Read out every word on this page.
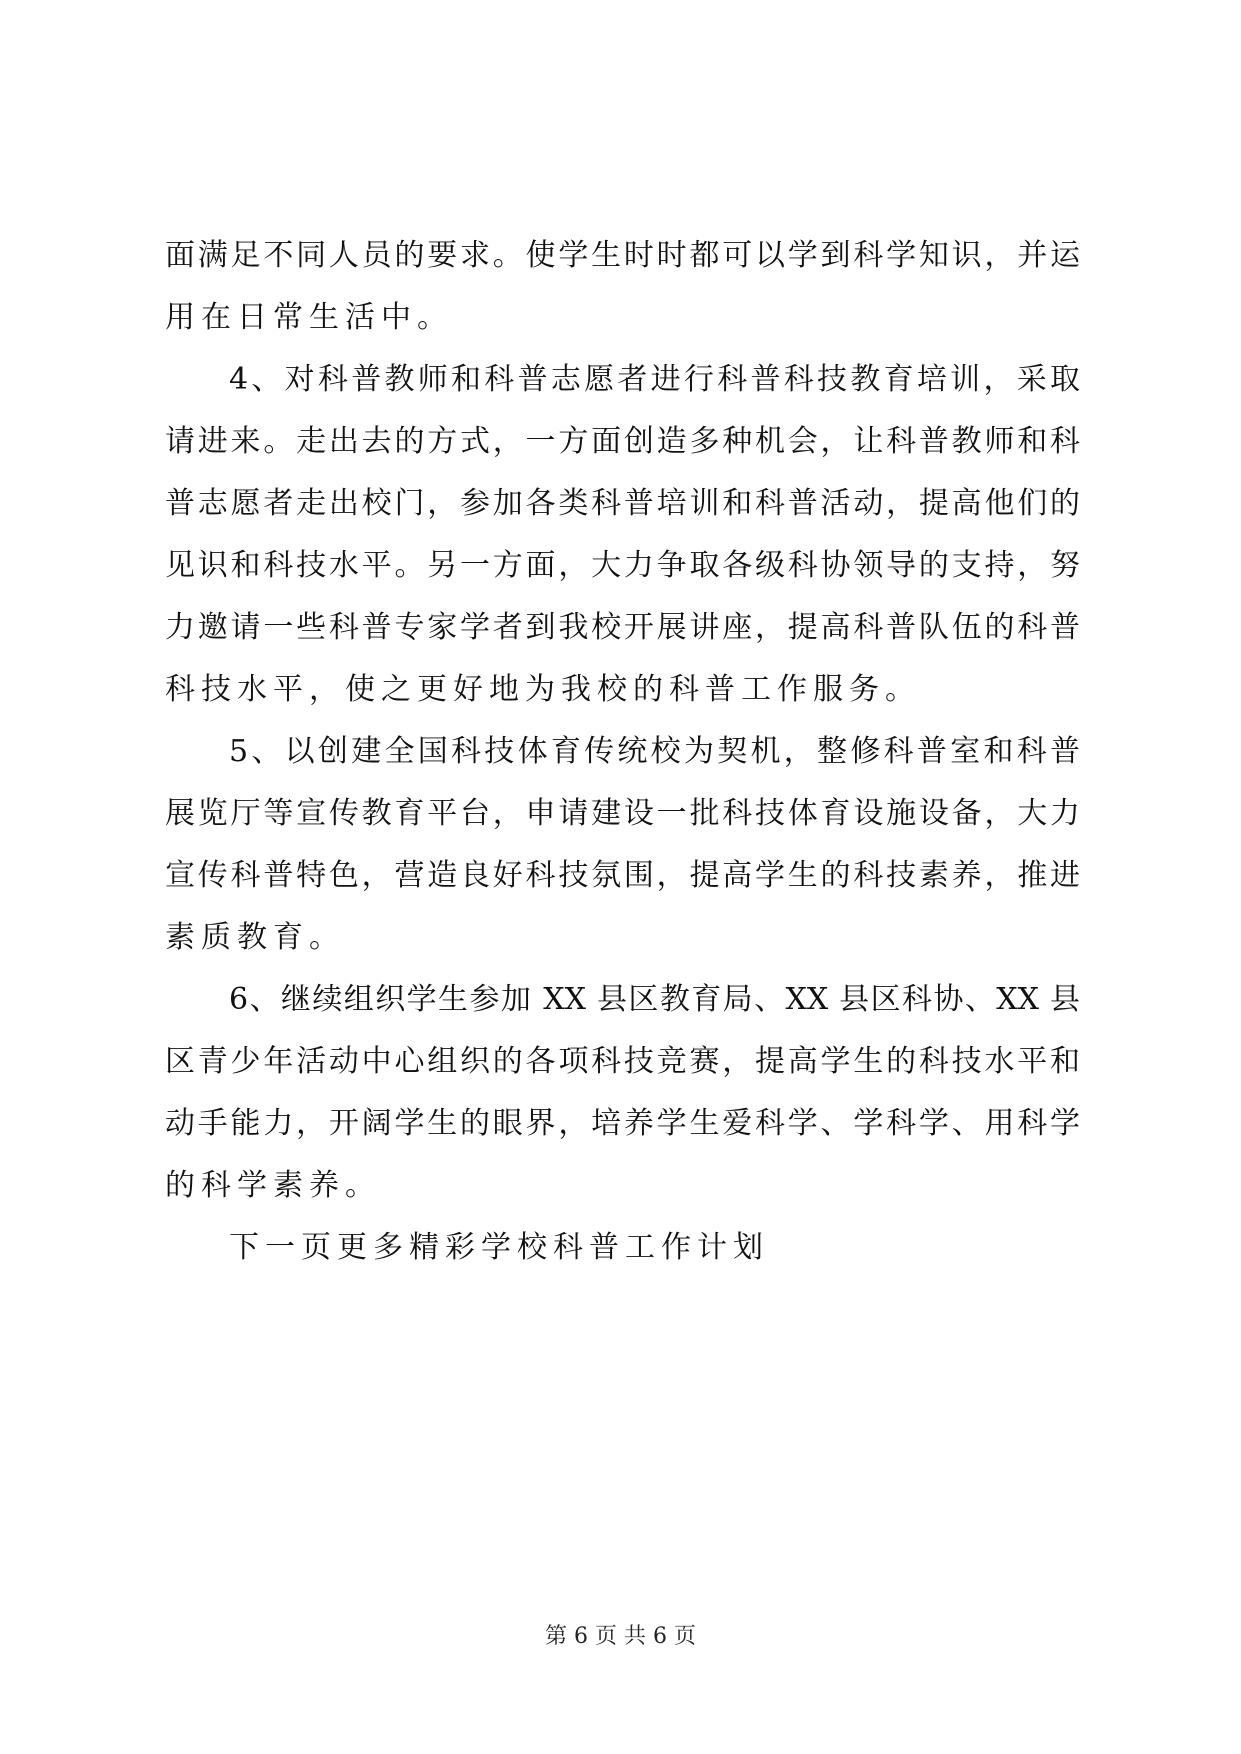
面满足不同人员的要求。使学生时时都可以学到科学知识，并运
用在日常生活中。
4、对科普教师和科普志愿者进行科普科技教育培训，采取
请进来。走出去的方式，一方面创造多种机会，让科普教师和科
普志愿者走出校门，参加各类科普培训和科普活动，提高他们的
见识和科技水平。另一方面，大力争取各级科协领导的支持，努
力邀请一些科普专家学者到我校开展讲座，提高科普队伍的科普
科技水平，使之更好地为我校的科普工作服务。
5、以创建全国科技体育传统校为契机，整修科普室和科普
展览厅等宣传教育平台，申请建设一批科技体育设施设备，大力
宣传科普特色，营造良好科技氛围，提高学生的科技素养，推进
素质教育。
6、继续组织学生参加 XX 县区教育局、XX 县区科协、XX 县
区青少年活动中心组织的各项科技竞赛，提高学生的科技水平和
动手能力，开阔学生的眼界，培养学生爱科学、学科学、用科学
的科学素养。
下一页更多精彩学校科普工作计划
第 6 页 共 6 页
